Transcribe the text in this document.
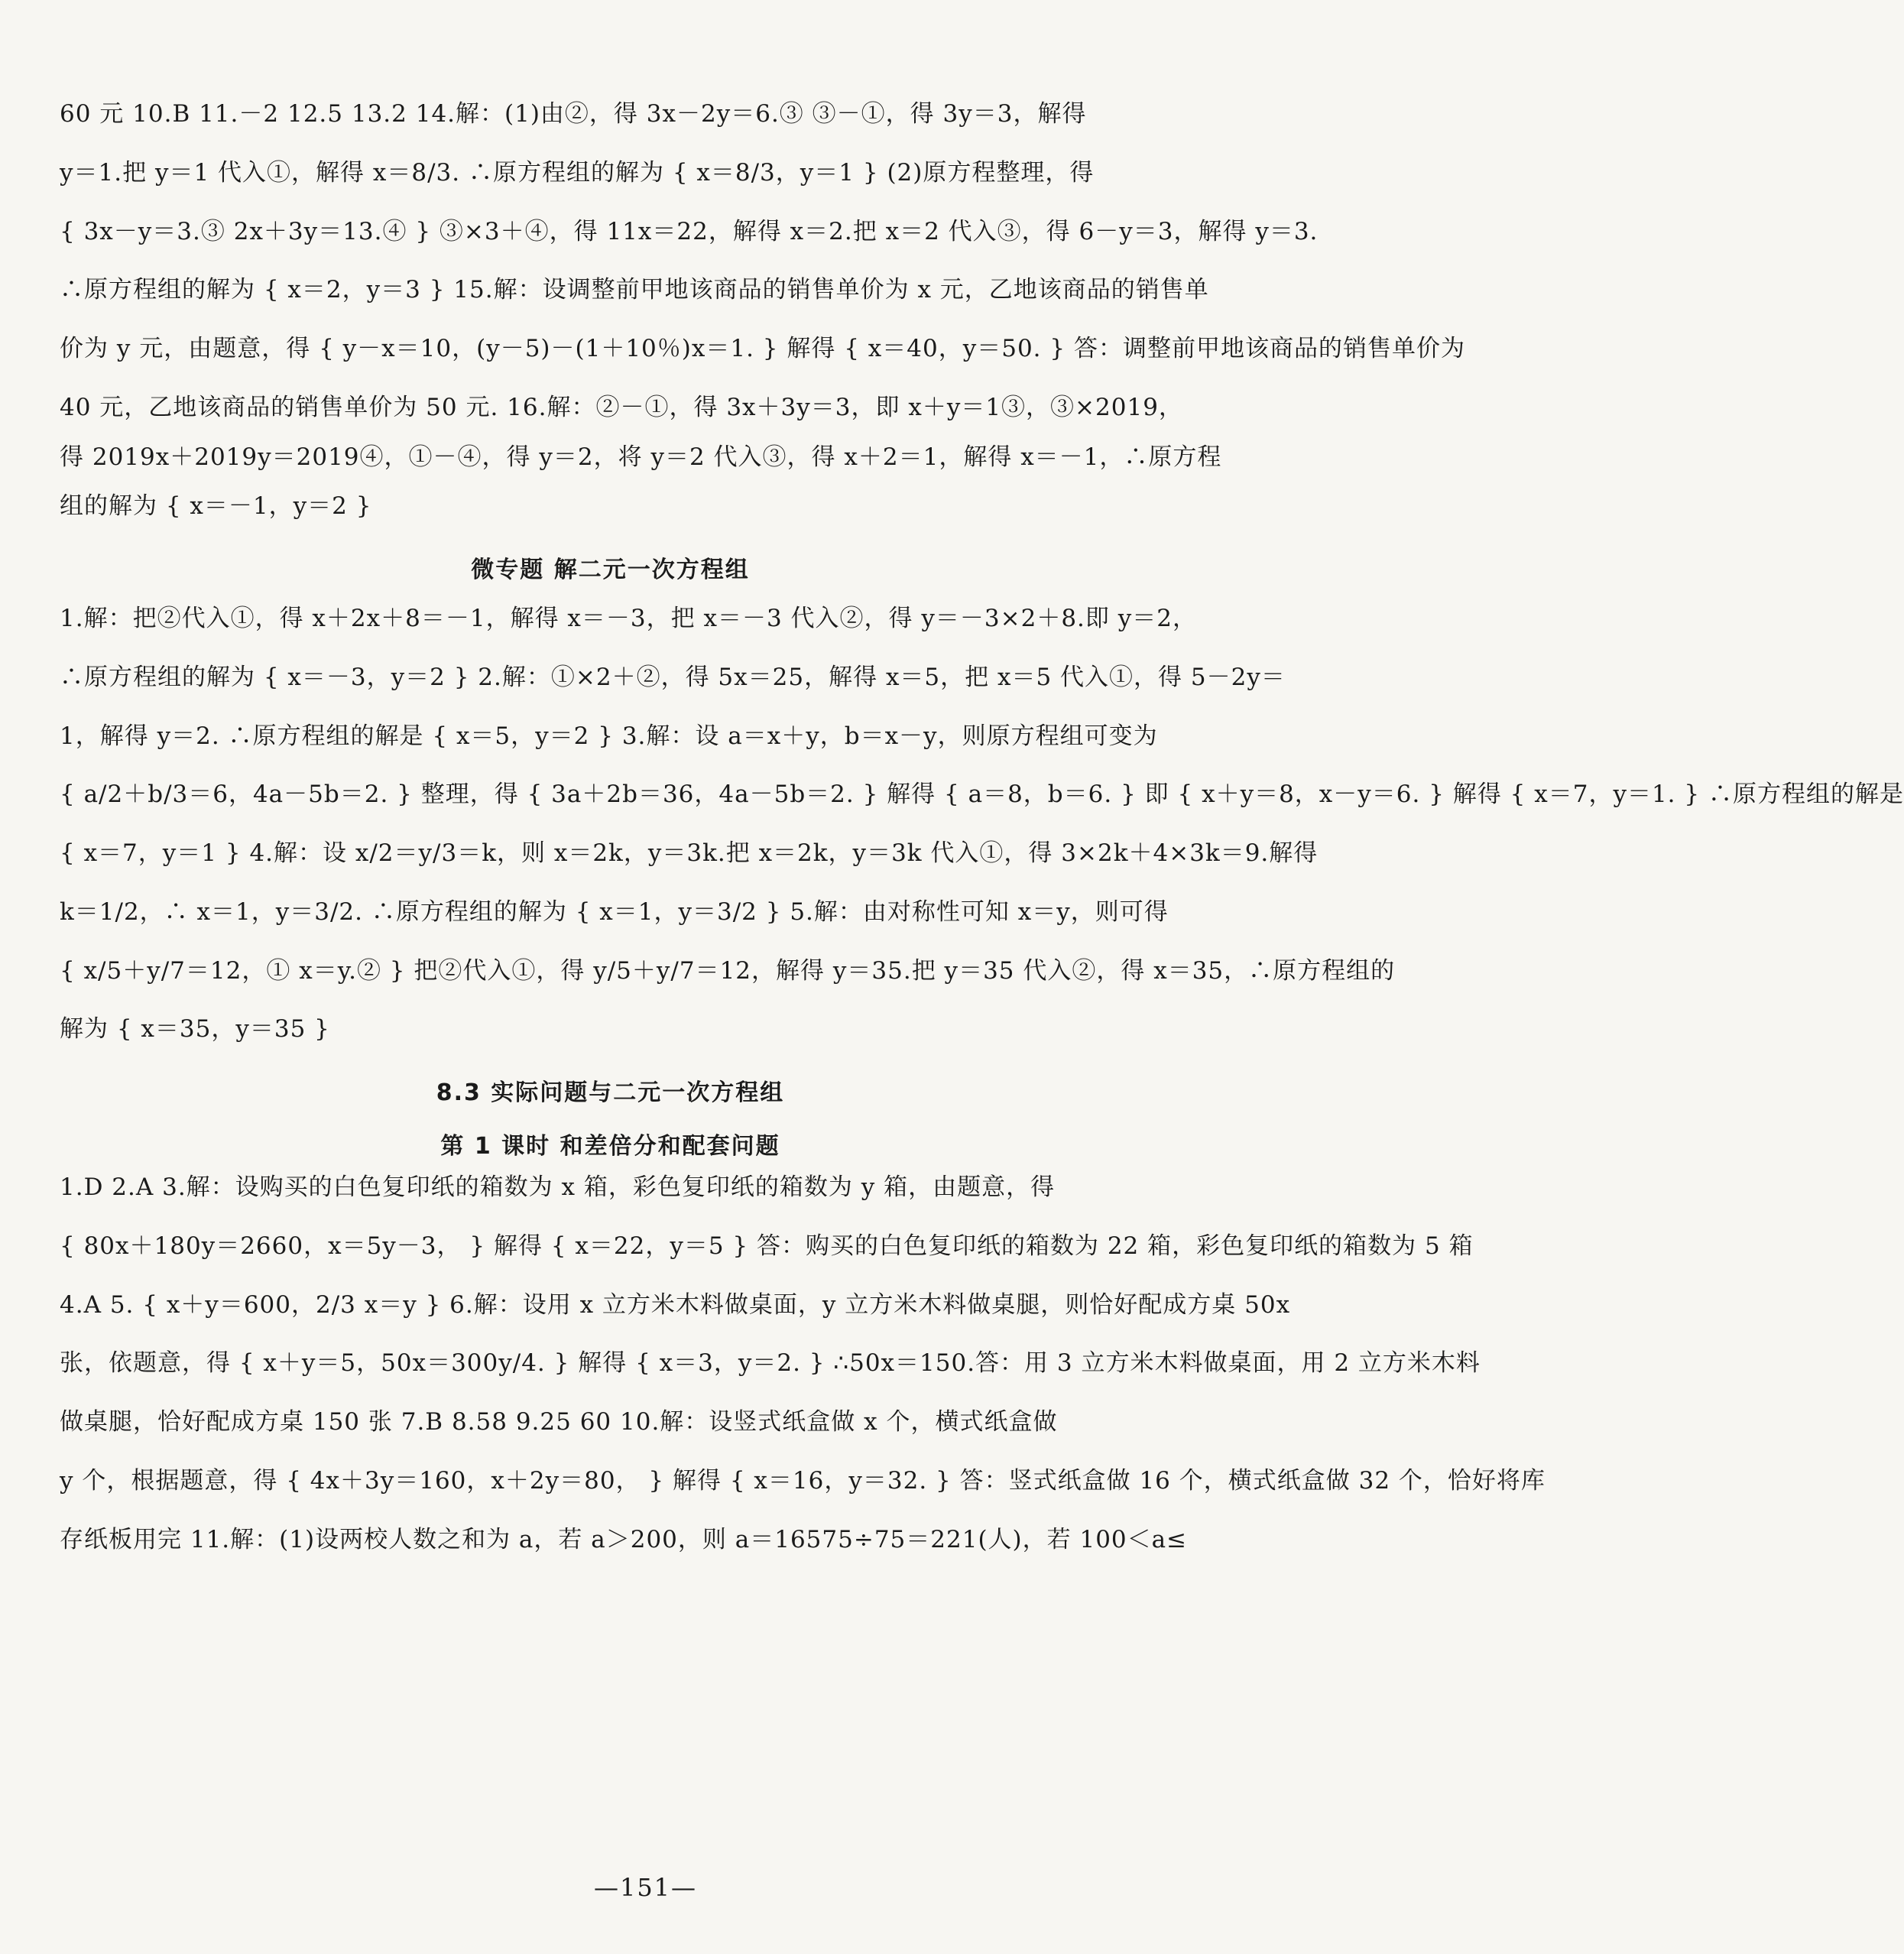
60 元 10.B 11.－2 12.5 13.2 14.解：(1)由②，得 3x－2y＝6.③ ③－①，得 3y＝3，解得
y＝1.把 y＝1 代入①，解得 x＝8/3. ∴原方程组的解为 { x＝8/3，y＝1 } (2)原方程整理，得
{ 3x－y＝3.③ 2x＋3y＝13.④ } ③×3＋④，得 11x＝22，解得 x＝2.把 x＝2 代入③，得 6－y＝3，解得 y＝3.
∴原方程组的解为 { x＝2，y＝3 } 15.解：设调整前甲地该商品的销售单价为 x 元，乙地该商品的销售单
价为 y 元，由题意，得 { y－x＝10，(y－5)－(1＋10％)x＝1. } 解得 { x＝40，y＝50. } 答：调整前甲地该商品的销售单价为
40 元，乙地该商品的销售单价为 50 元. 16.解：②－①，得 3x＋3y＝3，即 x＋y＝1③，③×2019，
得 2019x＋2019y＝2019④，①－④，得 y＝2，将 y＝2 代入③，得 x＋2＝1，解得 x＝－1，∴原方程
组的解为 { x＝－1，y＝2 }
微专题 解二元一次方程组
1.解：把②代入①，得 x＋2x＋8＝－1，解得 x＝－3，把 x＝－3 代入②，得 y＝－3×2＋8.即 y＝2，
∴原方程组的解为 { x＝－3，y＝2 } 2.解：①×2＋②，得 5x＝25，解得 x＝5，把 x＝5 代入①，得 5－2y＝
1，解得 y＝2. ∴原方程组的解是 { x＝5，y＝2 } 3.解：设 a＝x＋y，b＝x－y，则原方程组可变为
{ a/2＋b/3＝6，4a－5b＝2. } 整理，得 { 3a＋2b＝36，4a－5b＝2. } 解得 { a＝8，b＝6. } 即 { x＋y＝8，x－y＝6. } 解得 { x＝7，y＝1. } ∴原方程组的解是
{ x＝7，y＝1 } 4.解：设 x/2＝y/3＝k，则 x＝2k，y＝3k.把 x＝2k，y＝3k 代入①，得 3×2k＋4×3k＝9.解得
k＝1/2，∴ x＝1，y＝3/2. ∴原方程组的解为 { x＝1，y＝3/2 } 5.解：由对称性可知 x＝y，则可得
{ x/5＋y/7＝12，① x＝y.② } 把②代入①，得 y/5＋y/7＝12，解得 y＝35.把 y＝35 代入②，得 x＝35，∴原方程组的
解为 { x＝35，y＝35 }
8.3 实际问题与二元一次方程组
第 1 课时 和差倍分和配套问题
1.D 2.A 3.解：设购买的白色复印纸的箱数为 x 箱，彩色复印纸的箱数为 y 箱，由题意，得
{ 80x＋180y＝2660，x＝5y－3， } 解得 { x＝22，y＝5 } 答：购买的白色复印纸的箱数为 22 箱，彩色复印纸的箱数为 5 箱
4.A 5. { x＋y＝600，2/3 x＝y } 6.解：设用 x 立方米木料做桌面，y 立方米木料做桌腿，则恰好配成方桌 50x
张，依题意，得 { x＋y＝5，50x＝300y/4. } 解得 { x＝3，y＝2. } ∴50x＝150.答：用 3 立方米木料做桌面，用 2 立方米木料
做桌腿，恰好配成方桌 150 张 7.B 8.58 9.25 60 10.解：设竖式纸盒做 x 个，横式纸盒做
y 个，根据题意，得 { 4x＋3y＝160，x＋2y＝80， } 解得 { x＝16，y＝32. } 答：竖式纸盒做 16 个，横式纸盒做 32 个，恰好将库
存纸板用完 11.解：(1)设两校人数之和为 a，若 a＞200，则 a＝16575÷75＝221(人)，若 100＜a≤
—151—
